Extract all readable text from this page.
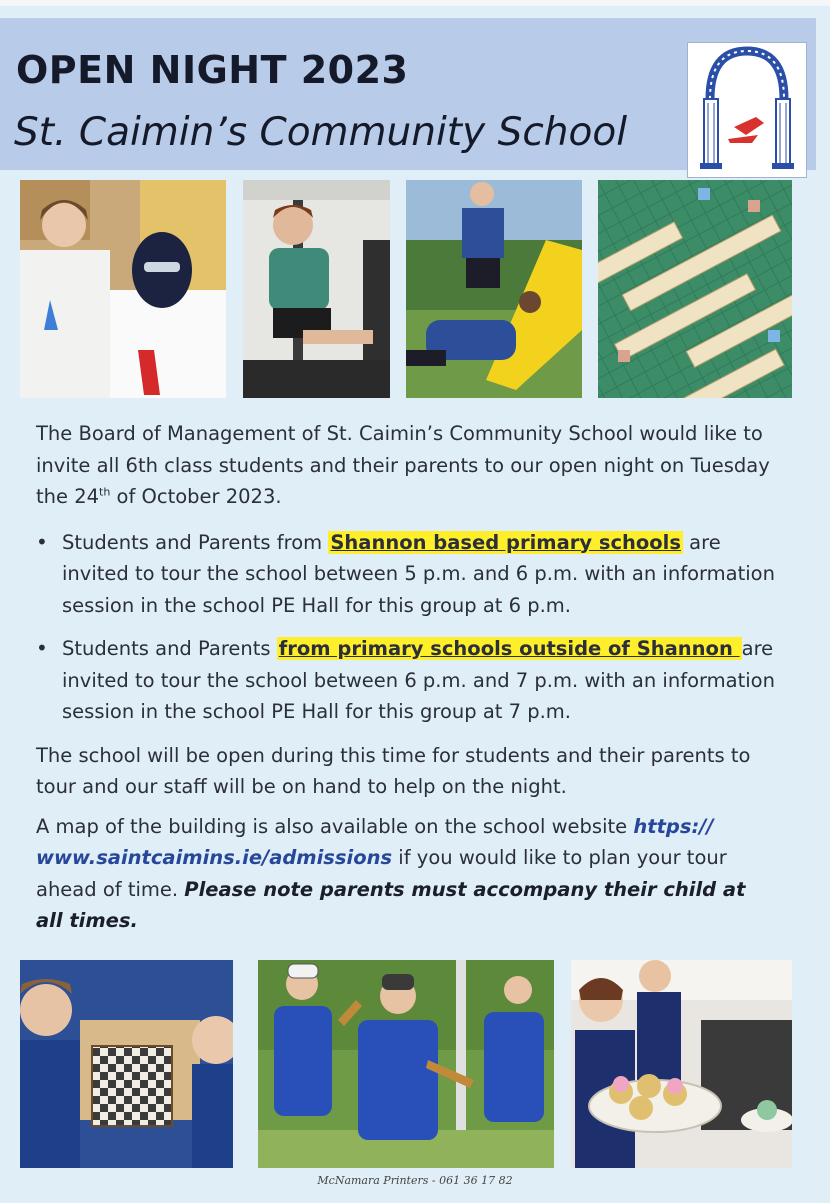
OPEN NIGHT 2023
St. Caimin’s Community School

The Board of Management of St. Caimin’s Community School would like to invite all 6th class students and their parents to our open night on Tuesday the 24th of October 2023.

• Students and Parents from Shannon based primary schools are invited to tour the school between 5 p.m. and 6 p.m. with an information session in the school PE Hall for this group at 6 p.m.
• Students and Parents from primary schools outside of Shannon are invited to tour the school between 6 p.m. and 7 p.m. with an information session in the school PE Hall for this group at 7 p.m.

The school will be open during this time for students and their parents to tour and our staff will be on hand to help on the night.

A map of the building is also available on the school website https:// www.saintcaimins.ie/admissions if you would like to plan your tour ahead of time. Please note parents must accompany their child at all times.

McNamara Printers - 061 36 17 82
